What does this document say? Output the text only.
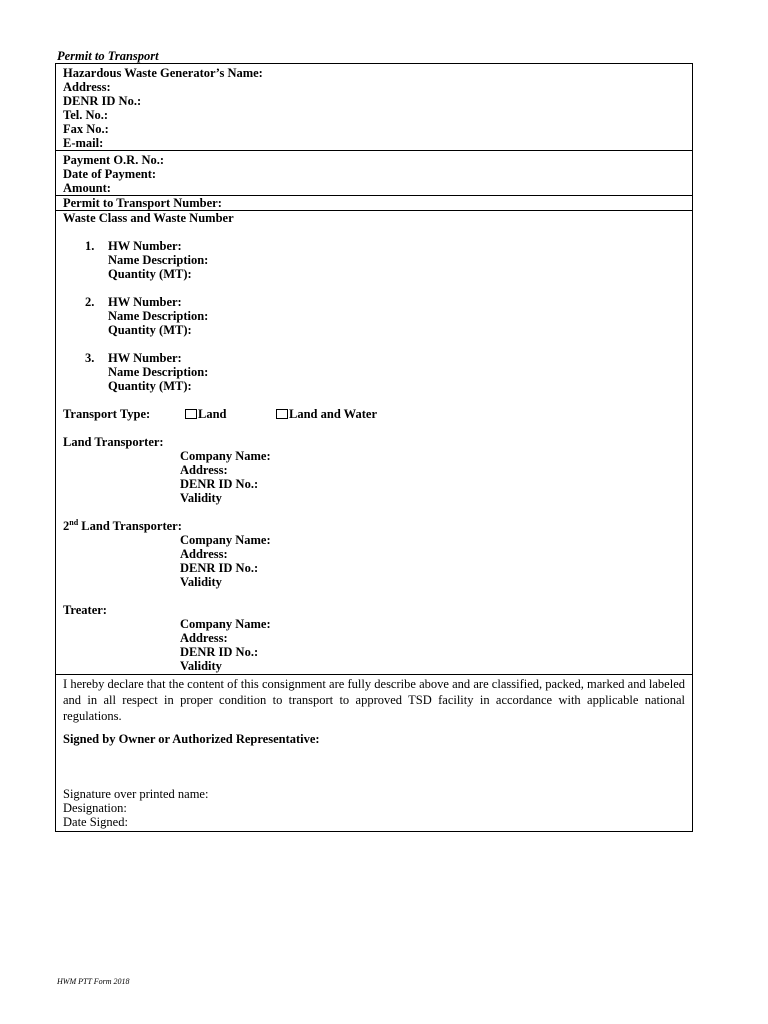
Permit to Transport
Hazardous Waste Generator’s Name:
Address:
DENR ID No.:
Tel. No.:
Fax No.:
E-mail:
Payment O.R. No.:
Date of Payment:
Amount:
Permit to Transport Number:
Waste Class and Waste Number
1. HW Number:
Name Description:
Quantity (MT):
2. HW Number:
Name Description:
Quantity (MT):
3. HW Number:
Name Description:
Quantity (MT):
Transport Type:	Land	Land and Water
Land Transporter:
Company Name:
Address:
DENR ID No.:
Validity
2nd Land Transporter:
Company Name:
Address:
DENR ID No.:
Validity
Treater:
Company Name:
Address:
DENR ID No.:
Validity
I hereby declare that the content of this consignment are fully describe above and are classified, packed, marked and labeled and in all respect in proper condition to transport to approved TSD facility in accordance with applicable national regulations.
Signed by Owner or Authorized Representative:
Signature over printed name:
Designation:
Date Signed:
HWM PTT Form 2018
